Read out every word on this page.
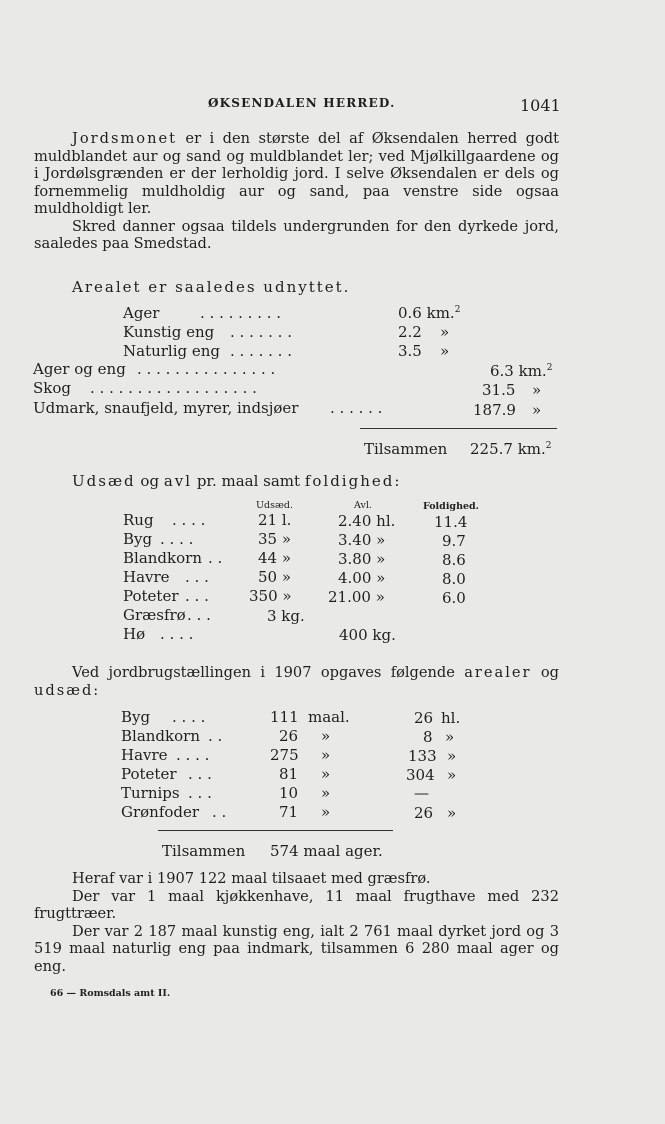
ØKSENDALEN HERRED.	1041

Jordsmonet er i den største del af Øksendalen herred godt muldblandet aur og sand og muldblandet ler; ved Mjølkillgaardene og i Jordølsgrænden er der lerholdig jord. I selve Øksendalen er dels og fornemmelig muldholdig aur og sand, paa venstre side ogsaa muldholdigt ler.

Skred danner ogsaa tildels undergrunden for den dyrkede jord, saaledes paa Smedstad.

Arealet er saaledes udnyttet.
Ager	. . . . . . . . .	0.6 km.$^2$
Kunstig eng . . . . . . .	2.2 »
Naturlig eng . . . . . . .	3.5 »
Ager og eng . . . . . . . . . . . . . . .	6.3 km.$^2$
Skog . . . . . . . . . . . . . . . . . .	31.5 »
Udmark, snaufjeld, myrer, indsjøer . . . . . .	187.9 »
Tilsammen 225.7 km.$^2$
Udsæd og avl pr. maal samt foldighed:
Udsæd.	Avl.	Foldighed.
Rug . . . .	21 l.	2.40 hl.	11.4
Byg . . . .	35 »	3.40 »	9.7
Blandkorn . . 44 »	3.80 »	8.6
Havre . . .	50 »	4.00 »	8.0
Poteter . . .	350 » 21.00 »	6.0
Græsfrø . . .	3 kg.
Hø . . . .	400 kg.

Ved jordbrugstællingen i 1907 opgaves følgende arealer og udsæd:

Byg . . . .	111 maal.	26 hl.
Blandkorn . .	26 »	8 »
Havre . . . .	275 »	133 »
Poteter . . .	81 »	304 »
Turnips . . .	10 »	—
Grønfoder . .	71 »	26 »
Tilsammen 574 maal ager.

Heraf var i 1907 122 maal tilsaaet med græsfrø.

Der var 1 maal kjøkkenhave, 11 maal frugthave med 232 frugttræer.

Der var 2 187 maal kunstig eng, ialt 2 761 maal dyrket jord og 3 519 maal naturlig eng paa indmark, tilsammen 6 280 maal ager og eng.

66 — Romsdals amt II.
